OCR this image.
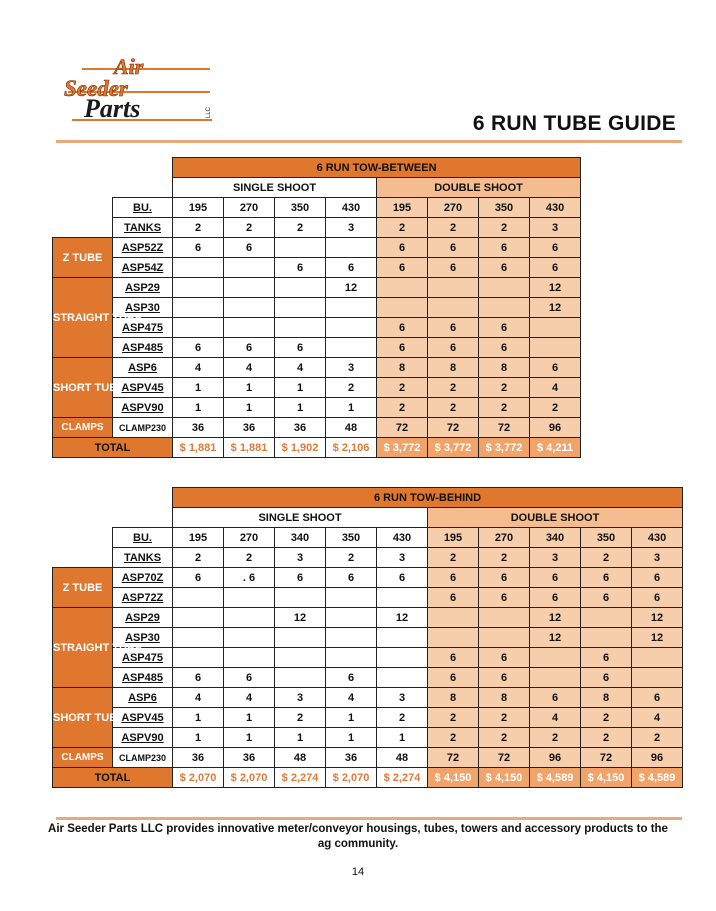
Air
Seeder
Parts	LLC	6 RUN TUBE GUIDE
		6 RUN TOW-BETWEEN							
		SINGLE SHOOT				DOUBLE SHOOT			
	BU.	195	270	350	430	195	270	350	430
	TANKS	2	2	2	3	2	2	2	3
Z TUBE	ASP52Z	6	6			6	6	6	6
	ASP54Z			6	6	6	6	6	6
STRAIGHT TUBE	ASP29				12				12
	ASP30								12
	ASP475					6	6	6	
	ASP485	6	6	6		6	6	6	
SHORT TUBE	ASP6	4	4	4	3	8	8	8	6
	ASPV45	1	1	1	2	2	2	2	4
	ASPV90	1	1	1	1	2	2	2	2
CLAMPS	CLAMP230	36	36	36	48	72	72	72	96
TOTAL		$ 1,881	$ 1,881	$ 1,902	$ 2,106	$ 3,772	$ 3,772	$ 3,772	$ 4,211
		6 RUN TOW-BEHIND									
		SINGLE SHOOT					DOUBLE SHOOT				
	BU.	195	270	340	350	430	195	270	340	350	430
	TANKS	2	2	3	2	3	2	2	3	2	3
Z TUBE	ASP70Z	6	. 6	6	6	6	6	6	6	6	6
	ASP72Z						6	6	6	6	6
STRAIGHT TUBE	ASP29			12		12			12		12
	ASP30								12		12
	ASP475						6	6		6	
	ASP485	6	6		6		6	6		6	
SHORT TUBE	ASP6	4	4	3	4	3	8	8	6	8	6
	ASPV45	1	1	2	1	2	2	2	4	2	4
	ASPV90	1	1	1	1	1	2	2	2	2	2
CLAMPS	CLAMP230	36	36	48	36	48	72	72	96	72	96
TOTAL		$ 2,070	$ 2,070	$ 2,274	$ 2,070	$ 2,274	$ 4,150	$ 4,150	$ 4,589	$ 4,150	$ 4,589
Air Seeder Parts LLC provides innovative meter/conveyor housings, tubes, towers and accessory products to the ag community.
14
